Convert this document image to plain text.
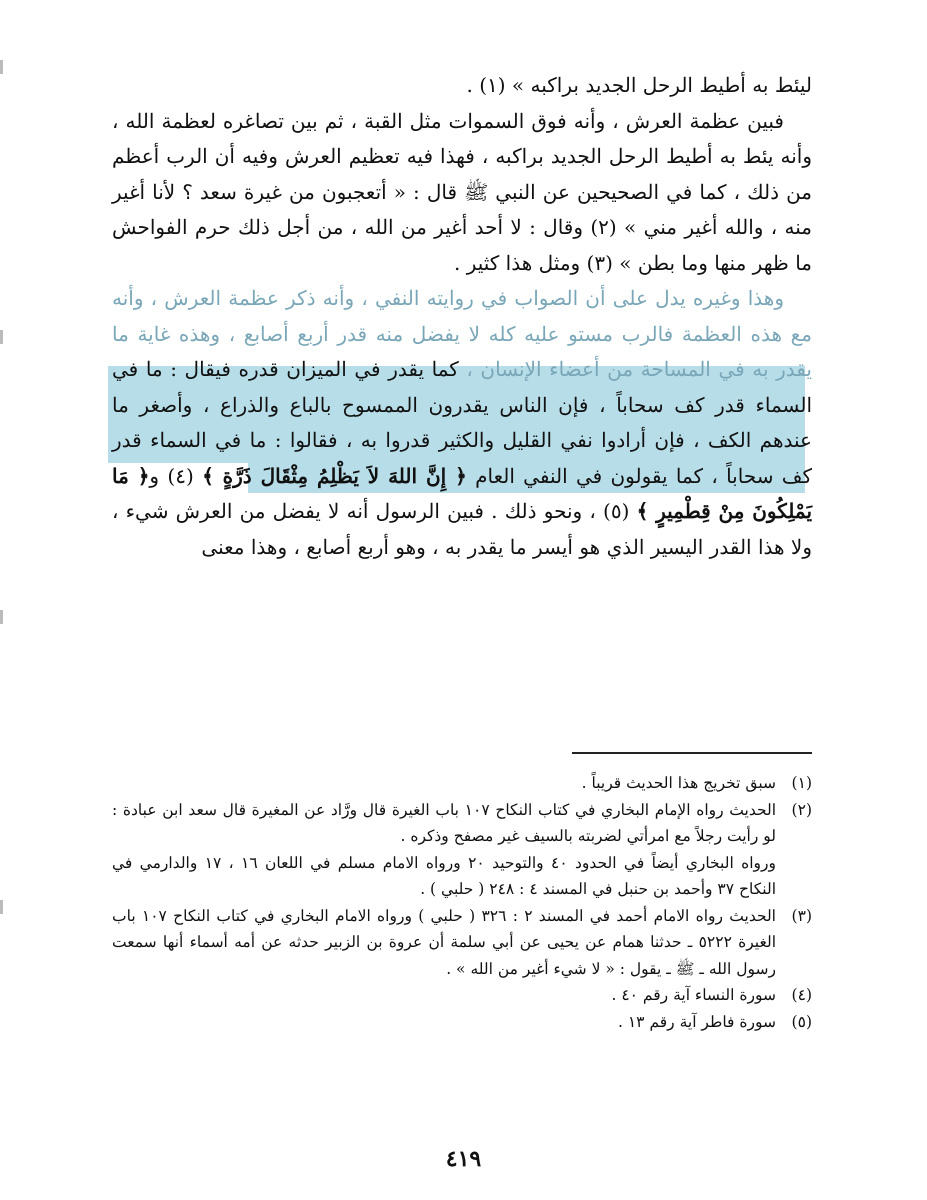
ليئط به أطيط الرحل الجديد براكبه » (١) .

فبين عظمة العرش ، وأنه فوق السموات مثل القبة ، ثم بين تصاغره لعظمة الله ، وأنه يئط به أطيط الرحل الجديد براكبه ، فهذا فيه تعظيم العرش وفيه أن الرب أعظم من ذلك ، كما في الصحيحين عن النبي ﷺ قال : « أتعجبون من غيرة سعد ؟ لأنا أغير منه ، والله أغير مني » (٢) وقال : لا أحد أغير من الله ، من أجل ذلك حرم الفواحش ما ظهر منها وما بطن » (٣) ومثل هذا كثير .

وهذا وغيره يدل على أن الصواب في روايته النفي ، وأنه ذكر عظمة العرش ، وأنه مع هذه العظمة فالرب مستو عليه كله لا يفضل منه قدر أربع أصابع ، وهذه غاية ما يقدر به في المساحة من أعضاء الإنسان ، كما يقدر في الميزان قدره فيقال : ما في السماء قدر كف سحاباً ، فإن الناس يقدرون الممسوح بالباع والذراع ، وأصغر ما عندهم الكف ، فإن أرادوا نفي القليل والكثير قدروا به ، فقالوا : ما في السماء قدر كف سحاباً ، كما يقولون في النفي العام ﴿ إِنَّ اللهَ لاَ يَظْلِمُ مِثْقَالَ ذَرَّةٍ ﴾ (٤) و﴿ مَا يَمْلِكُونَ مِنْ قِطْمِيرٍ ﴾ (٥) ، ونحو ذلك . فبين الرسول أنه لا يفضل من العرش شيء ، ولا هذا القدر اليسير الذي هو أيسر ما يقدر به ، وهو أربع أصابع ، وهذا معنى

(١)
سبق تخريج هذا الحديث قريباً .
(٢)
الحديث رواه الإمام البخاري في كتاب النكاح ١٠٧ باب الغيرة قال ورَّاد عن المغيرة قال سعد ابن عبادة : لو رأيت رجلاً مع امرأتي لضربته بالسيف غير مصفح وذكره .
ورواه البخاري أيضاً في الحدود ٤٠ والتوحيد ٢٠ ورواه الامام مسلم في اللعان ١٦ ، ١٧ والدارمي في النكاح ٣٧ وأحمد بن حنبل في المسند ٤ : ٢٤٨ ( حلبي ) .
(٣)
الحديث رواه الامام أحمد في المسند ٢ : ٣٢٦ ( حلبي ) ورواه الامام البخاري في كتاب النكاح ١٠٧ باب الغيرة ٥٢٢٢ ـ حدثنا همام عن يحيى عن أبي سلمة أن عروة بن الزبير حدثه عن أمه أسماء أنها سمعت رسول الله ـ ﷺ ـ يقول : « لا شيء أغير من الله » .
(٤)
سورة النساء آية رقم ٤٠ .
(٥)
سورة فاطر آية رقم ١٣ .
٤١٩
